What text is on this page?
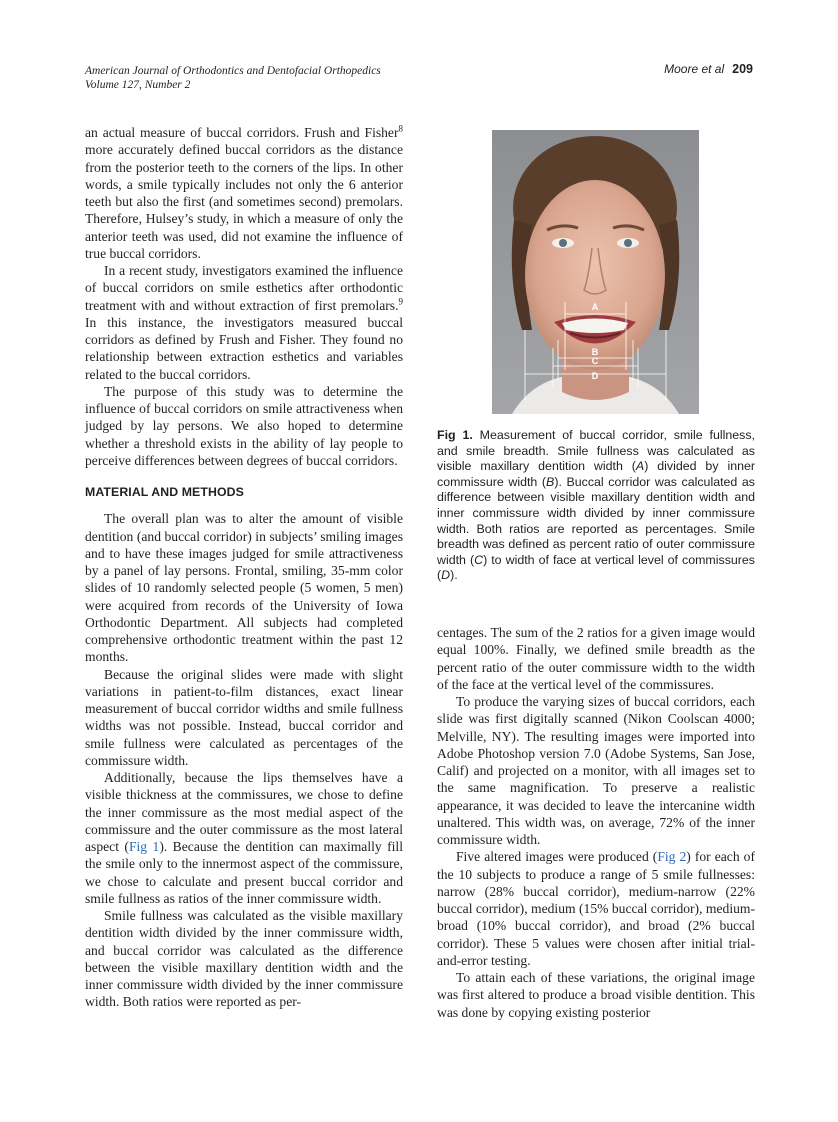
American Journal of Orthodontics and Dentofacial Orthopedics
Volume 127, Number 2
Moore et al 209

an actual measure of buccal corridors. Frush and Fisher$^8$ more accurately defined buccal corridors as the distance from the posterior teeth to the corners of the lips. In other words, a smile typically includes not only the 6 anterior teeth but also the first (and sometimes second) premolars. Therefore, Hulsey’s study, in which a measure of only the anterior teeth was used, did not examine the influence of true buccal corridors.

In a recent study, investigators examined the influence of buccal corridors on smile esthetics after orthodontic treatment with and without extraction of first premolars.$^9$ In this instance, the investigators measured buccal corridors as defined by Frush and Fisher. They found no relationship between extraction esthetics and variables related to the buccal corridors.

The purpose of this study was to determine the influence of buccal corridors on smile attractiveness when judged by lay persons. We also hoped to determine whether a threshold exists in the ability of lay people to perceive differences between degrees of buccal corridors.

MATERIAL AND METHODS

The overall plan was to alter the amount of visible dentition (and buccal corridor) in subjects’ smiling images and to have these images judged for smile attractiveness by a panel of lay persons. Frontal, smiling, 35-mm color slides of 10 randomly selected people (5 women, 5 men) were acquired from records of the University of Iowa Orthodontic Department. All subjects had completed comprehensive orthodontic treatment within the past 12 months.

Because the original slides were made with slight variations in patient-to-film distances, exact linear measurement of buccal corridor widths and smile fullness widths was not possible. Instead, buccal corridor and smile fullness were calculated as percentages of the commissure width.

Additionally, because the lips themselves have a visible thickness at the commissures, we chose to define the inner commissure as the most medial aspect of the commissure and the outer commissure as the most lateral aspect (Fig 1). Because the dentition can maximally fill the smile only to the innermost aspect of the commissure, we chose to calculate and present buccal corridor and smile fullness as ratios of the inner commissure width.

Smile fullness was calculated as the visible maxillary dentition width divided by the inner commissure width, and buccal corridor was calculated as the difference between the visible maxillary dentition width and the inner commissure width divided by the inner commissure width. Both ratios were reported as per-

A
B
C
D
Fig 1. Measurement of buccal corridor, smile fullness, and smile breadth. Smile fullness was calculated as visible maxillary dentition width (A) divided by inner commissure width (B). Buccal corridor was calculated as difference between visible maxillary dentition width and inner commissure width divided by inner commissure width. Both ratios are reported as percentages. Smile breadth was defined as percent ratio of outer commissure width (C) to width of face at vertical level of commissures (D).

centages. The sum of the 2 ratios for a given image would equal 100%. Finally, we defined smile breadth as the percent ratio of the outer commissure width to the width of the face at the vertical level of the commissures.

To produce the varying sizes of buccal corridors, each slide was first digitally scanned (Nikon Coolscan 4000; Melville, NY). The resulting images were imported into Adobe Photoshop version 7.0 (Adobe Systems, San Jose, Calif) and projected on a monitor, with all images set to the same magnification. To preserve a realistic appearance, it was decided to leave the intercanine width unaltered. This width was, on average, 72% of the inner commissure width.

Five altered images were produced (Fig 2) for each of the 10 subjects to produce a range of 5 smile fullnesses: narrow (28% buccal corridor), medium-narrow (22% buccal corridor), medium (15% buccal corridor), medium-broad (10% buccal corridor), and broad (2% buccal corridor). These 5 values were chosen after initial trial-and-error testing.

To attain each of these variations, the original image was first altered to produce a broad visible dentition. This was done by copying existing posterior
